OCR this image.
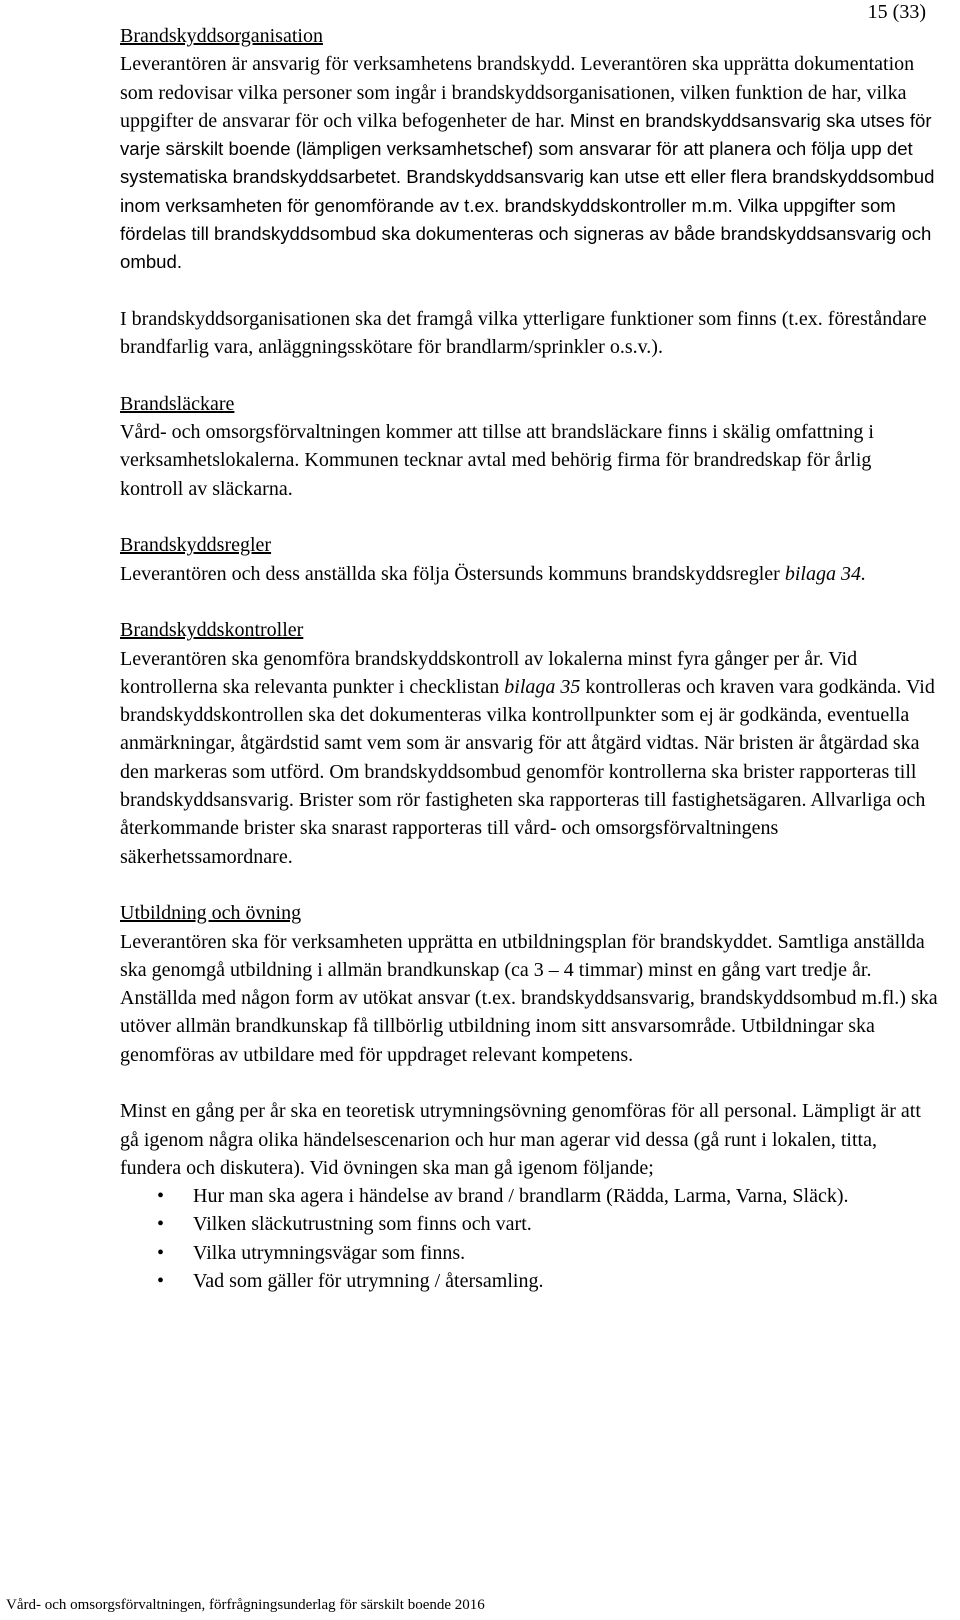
15 (33)
Brandskyddsorganisation

Leverantören är ansvarig för verksamhetens brandskydd. Leverantören ska upprätta dokumentation som redovisar vilka personer som ingår i brandskyddsorganisationen, vilken funktion de har, vilka uppgifter de ansvarar för och vilka befogenheter de har. Minst en brandskyddsansvarig ska utses för varje särskilt boende (lämpligen verksamhetschef) som ansvarar för att planera och följa upp det systematiska brandskyddsarbetet. Brandskyddsansvarig kan utse ett eller flera brandskyddsombud inom verksamheten för genomförande av t.ex. brandskyddskontroller m.m. Vilka uppgifter som fördelas till brandskyddsombud ska dokumenteras och signeras av både brandskyddsansvarig och ombud.

I brandskyddsorganisationen ska det framgå vilka ytterligare funktioner som finns (t.ex. föreståndare brandfarlig vara, anläggningsskötare för brandlarm/sprinkler o.s.v.).

Brandsläckare

Vård- och omsorgsförvaltningen kommer att tillse att brandsläckare finns i skälig omfattning i verksamhetslokalerna. Kommunen tecknar avtal med behörig firma för brandredskap för årlig kontroll av släckarna.

Brandskyddsregler

Leverantören och dess anställda ska följa Östersunds kommuns brandskyddsregler bilaga 34.

Brandskyddskontroller

Leverantören ska genomföra brandskyddskontroll av lokalerna minst fyra gånger per år. Vid kontrollerna ska relevanta punkter i checklistan bilaga 35 kontrolleras och kraven vara godkända. Vid brandskyddskontrollen ska det dokumenteras vilka kontrollpunkter som ej är godkända, eventuella anmärkningar, åtgärdstid samt vem som är ansvarig för att åtgärd vidtas. När bristen är åtgärdad ska den markeras som utförd. Om brandskyddsombud genomför kontrollerna ska brister rapporteras till brandskyddsansvarig. Brister som rör fastigheten ska rapporteras till fastighetsägaren. Allvarliga och återkommande brister ska snarast rapporteras till vård- och omsorgsförvaltningens säkerhetssamordnare.

Utbildning och övning

Leverantören ska för verksamheten upprätta en utbildningsplan för brandskyddet. Samtliga anställda ska genomgå utbildning i allmän brandkunskap (ca 3 – 4 timmar) minst en gång vart tredje år. Anställda med någon form av utökat ansvar (t.ex. brandskyddsansvarig, brandskyddsombud m.fl.) ska utöver allmän brandkunskap få tillbörlig utbildning inom sitt ansvarsområde. Utbildningar ska genomföras av utbildare med för uppdraget relevant kompetens.

Minst en gång per år ska en teoretisk utrymningsövning genomföras för all personal. Lämpligt är att gå igenom några olika händelsescenarion och hur man agerar vid dessa (gå runt i lokalen, titta, fundera och diskutera). Vid övningen ska man gå igenom följande;

• Hur man ska agera i händelse av brand / brandlarm (Rädda, Larma, Varna, Släck).
• Vilken släckutrustning som finns och vart.
• Vilka utrymningsvägar som finns.
• Vad som gäller för utrymning / återsamling.
Vård- och omsorgsförvaltningen, förfrågningsunderlag för särskilt boende 2016
